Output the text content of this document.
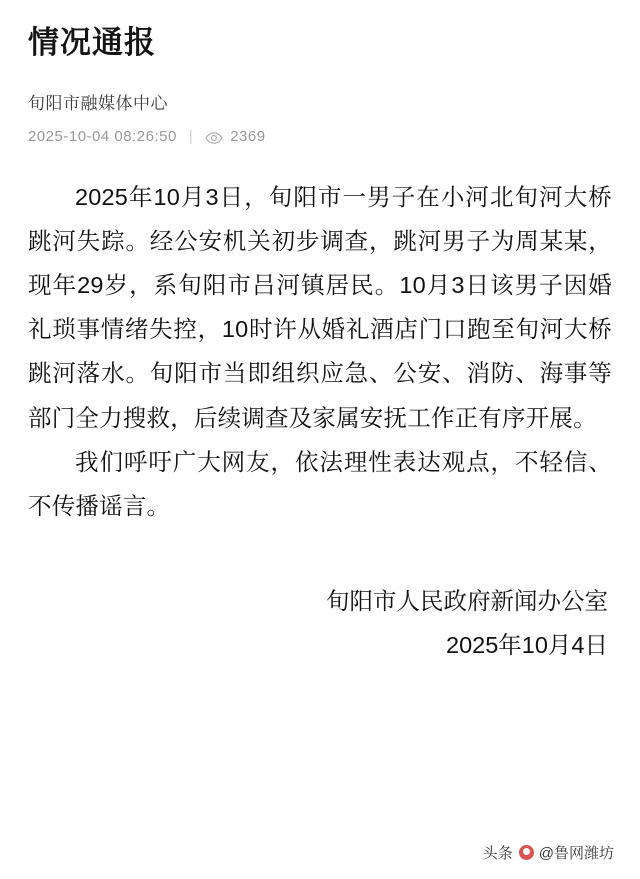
情况通报
旬阳市融媒体中心
2025-10-04 08:26:50 | 2369

2025年10月3日，旬阳市一男子在小河北旬河大桥跳河失踪。经公安机关初步调查，跳河男子为周某某，现年29岁，系旬阳市吕河镇居民。10月3日该男子因婚礼琐事情绪失控，10时许从婚礼酒店门口跑至旬河大桥跳河落水。旬阳市当即组织应急、公安、消防、海事等部门全力搜救，后续调查及家属安抚工作正有序开展。

我们呼吁广大网友，依法理性表达观点，不轻信、不传播谣言。

旬阳市人民政府新闻办公室
2025年10月4日
头条 @鲁网潍坊
